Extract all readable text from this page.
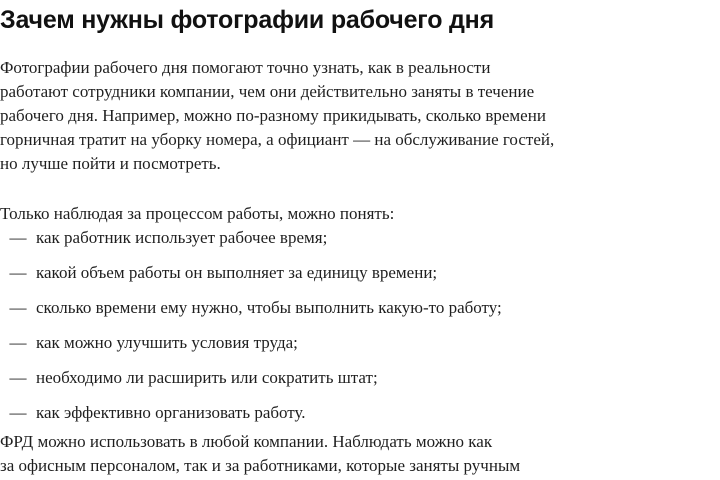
Зачем нужны фотографии рабочего дня

Фотографии рабочего дня помогают точно узнать, как в реальности
работают сотрудники компании, чем они действительно заняты в течение
рабочего дня. Например, можно по-разному прикидывать, сколько времени
горничная тратит на уборку номера, а официант — на обслуживание гостей,
но лучше пойти и посмотреть.

Только наблюдая за процессом работы, можно понять:

— как работник использует рабочее время;
— какой объем работы он выполняет за единицу времени;
— сколько времени ему нужно, чтобы выполнить какую-то работу;
— как можно улучшить условия труда;
— необходимо ли расширить или сократить штат;
— как эффективно организовать работу.

ФРД можно использовать в любой компании. Наблюдать можно как
за офисным персоналом, так и за работниками, которые заняты ручным
